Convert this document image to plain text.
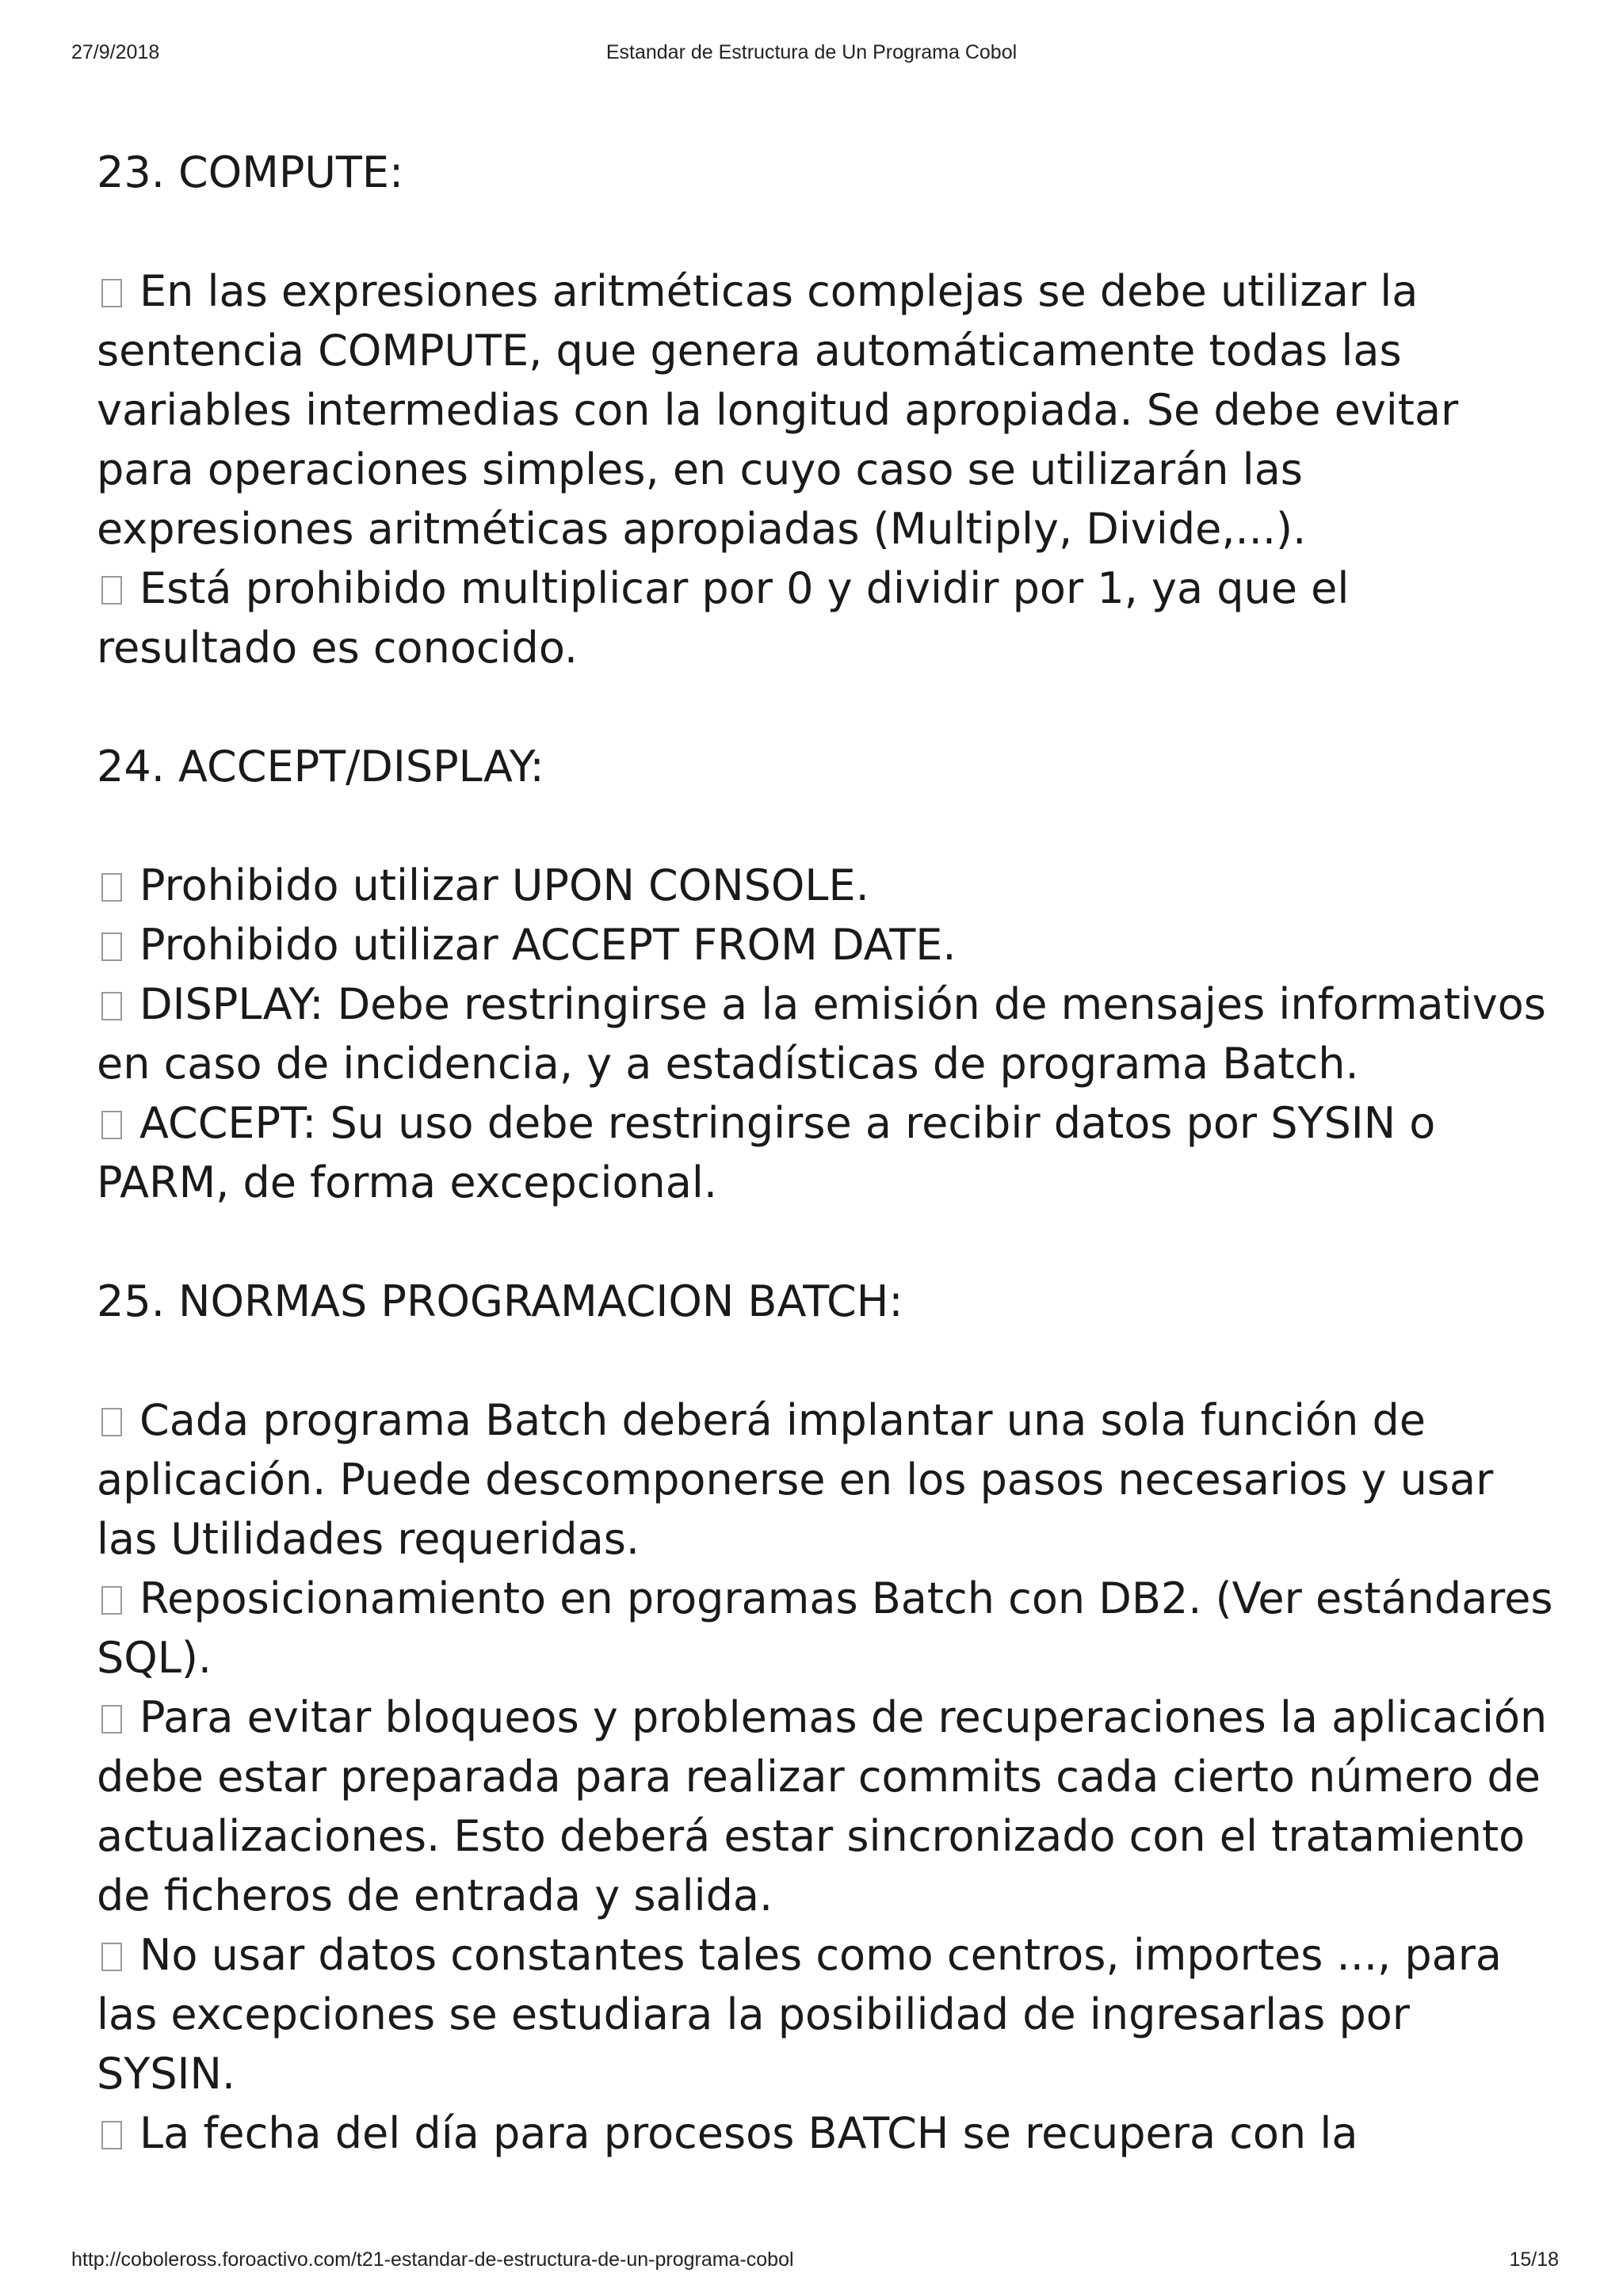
27/9/2018	Estandar de Estructura de Un Programa Cobol
23. COMPUTE:
En las expresiones aritméticas complejas se debe utilizar la sentencia COMPUTE, que genera automáticamente todas las variables intermedias con la longitud apropiada. Se debe evitar para operaciones simples, en cuyo caso se utilizarán las expresiones aritméticas apropiadas (Multiply, Divide,...).
Está prohibido multiplicar por 0 y dividir por 1, ya que el resultado es conocido.
24. ACCEPT/DISPLAY:
Prohibido utilizar UPON CONSOLE.
Prohibido utilizar ACCEPT FROM DATE.
DISPLAY: Debe restringirse a la emisión de mensajes informativos en caso de incidencia, y a estadísticas de programa Batch.
ACCEPT: Su uso debe restringirse a recibir datos por SYSIN o PARM, de forma excepcional.
25. NORMAS PROGRAMACION BATCH:
Cada programa Batch deberá implantar una sola función de aplicación. Puede descomponerse en los pasos necesarios y usar las Utilidades requeridas.
Reposicionamiento en programas Batch con DB2. (Ver estándares SQL).
Para evitar bloqueos y problemas de recuperaciones la aplicación debe estar preparada para realizar commits cada cierto número de actualizaciones. Esto deberá estar sincronizado con el tratamiento de ficheros de entrada y salida.
No usar datos constantes tales como centros, importes ..., para las excepciones se estudiara la posibilidad de ingresarlas por SYSIN.
La fecha del día para procesos BATCH se recupera con la
http://coboleross.foroactivo.com/t21-estandar-de-estructura-de-un-programa-cobol	15/18
